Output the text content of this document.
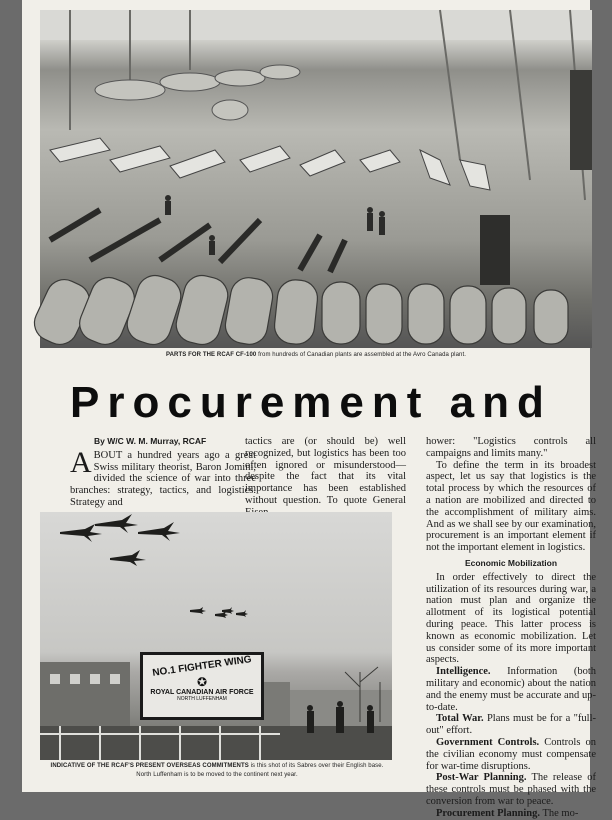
PARTS FOR THE RCAF CF-100 from hundreds of Canadian plants are assembled at the Avro Canada plant.
Procurement and
By W/C W. M. Murray, RCAF

ABOUT a hundred years ago a great Swiss military theorist, Baron Jomini, divided the science of war into three branches: strategy, tactics, and logistics. Strategy and

tactics are (or should be) well recognized, but logistics has been too often ignored or misunderstood—despite the fact that its vital importance has been established without question. To quote General

hower: "Logistics controls all campaigns and limits many."

To define the term in its broadest aspect, let us say that logistics is the total process by which the resources of a nation are mobilized and directed to the accomplishment of military aims. And as we shall see by our examination, procurement is an important element if not the important element in logistics.

Economic Mobilization

In order effectively to direct the utilization of its resources during war, a nation must plan and organize the allotment of its logistical potential during peace. This latter process is known as economic mobilization. Let us consider some of its more important aspects.

Intelligence. Information (both military and economic) about the nation and the enemy must be accurate and up-to-date.

Total War. Plans must be for a "full-out" effort.

Government Controls. Controls on the civilian economy must compensate for war-time disruptions.

Post-War Planning. The release of these controls must be phased with the conversion from war to peace.

Procurement Planning. The mo-

NO.1 FIGHTER WING
✪
ROYAL CANADIAN AIR FORCE
NORTH LUFFENHAM
INDICATIVE OF THE RCAF'S PRESENT OVERSEAS COMMITMENTS is this shot of its Sabres over their English base. North Luffenham is to be moved to the continent next year.
